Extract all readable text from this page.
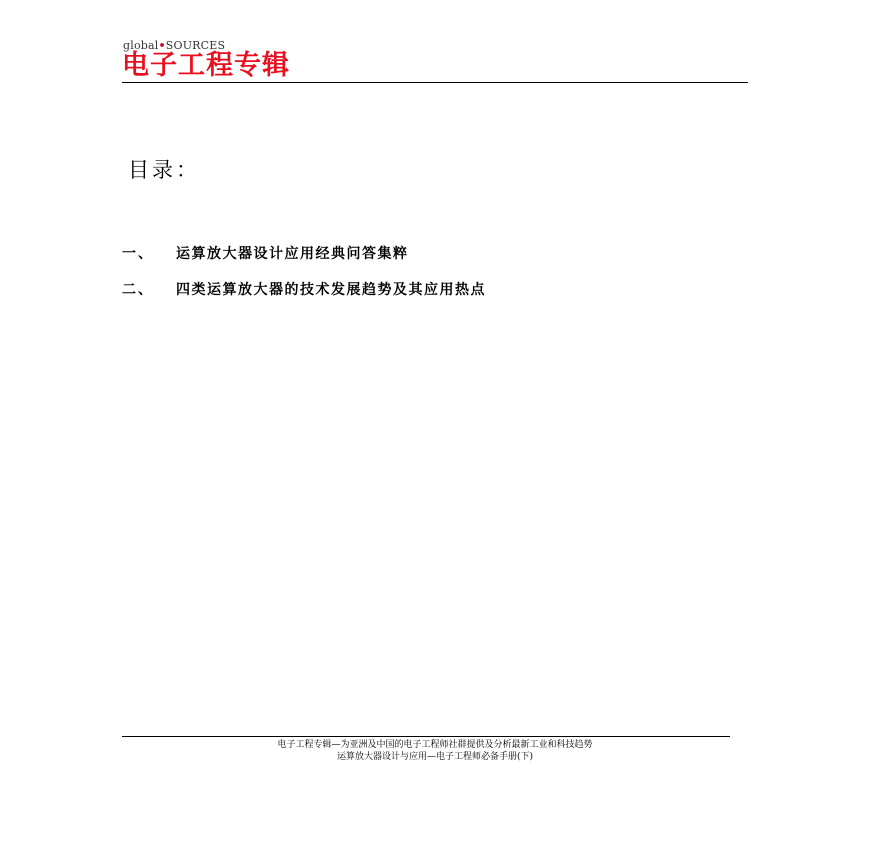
global•SOURCES
电子工程专辑
目录：
一、	运算放大器设计应用经典问答集粹
二、	四类运算放大器的技术发展趋势及其应用热点
电子工程专辑—为亚洲及中国的电子工程师社群提供及分析最新工业和科技趋势
运算放大器设计与应用—电子工程师必备手册(下)
